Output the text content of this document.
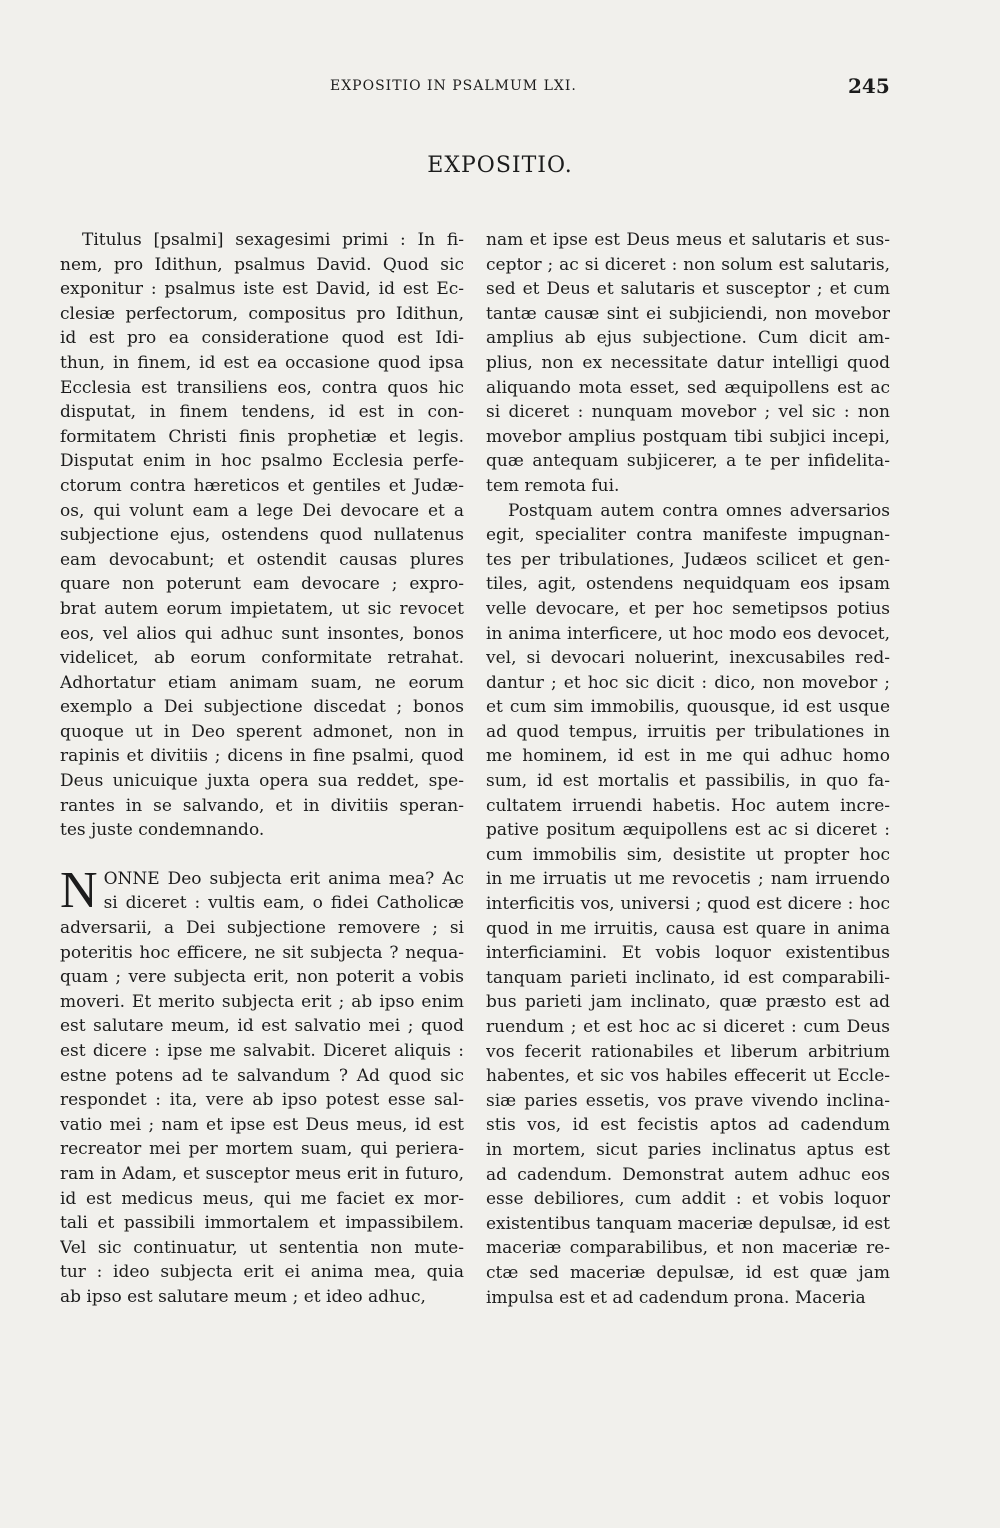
EXPOSITIO IN PSALMUM LXI.	245
EXPOSITIO.
Titulus [psalmi] sexagesimi primi : In fi-
nem, pro Idithun, psalmus David. Quod sic
exponitur : psalmus iste est David, id est Ec-
clesiæ perfectorum, compositus pro Idithun,
id est pro ea consideratione quod est Idi-
thun, in finem, id est ea occasione quod ipsa
Ecclesia est transiliens eos, contra quos hic
disputat, in finem tendens, id est in con-
formitatem Christi finis prophetiæ et legis.
Disputat enim in hoc psalmo Ecclesia perfe-
ctorum contra hæreticos et gentiles et Judæ-
os, qui volunt eam a lege Dei devocare et a
subjectione ejus, ostendens quod nullatenus
eam devocabunt; et ostendit causas plures
quare non poterunt eam devocare ; expro-
brat autem eorum impietatem, ut sic revocet
eos, vel alios qui adhuc sunt insontes, bonos
videlicet, ab eorum conformitate retrahat.
Adhortatur etiam animam suam, ne eorum
exemplo a Dei subjectione discedat ; bonos
quoque ut in Deo sperent admonet, non in
rapinis et divitiis ; dicens in fine psalmi, quod
Deus unicuique juxta opera sua reddet, spe-
rantes in se salvando, et in divitiis speran-
tes juste condemnando.
N ONNE Deo subjecta erit anima mea? Ac
si diceret : vultis eam, o fidei Catholicæ
adversarii, a Dei subjectione removere ; si
poteritis hoc efficere, ne sit subjecta ? nequa-
quam ; vere subjecta erit, non poterit a vobis
moveri. Et merito subjecta erit ; ab ipso enim
est salutare meum, id est salvatio mei ; quod
est dicere : ipse me salvabit. Diceret aliquis :
estne potens ad te salvandum ? Ad quod sic
respondet : ita, vere ab ipso potest esse sal-
vatio mei ; nam et ipse est Deus meus, id est
recreator mei per mortem suam, qui periera-
ram in Adam, et susceptor meus erit in futuro,
id est medicus meus, qui me faciet ex mor-
tali et passibili immortalem et impassibilem.
Vel sic continuatur, ut sententia non mute-
tur : ideo subjecta erit ei anima mea, quia
ab ipso est salutare meum ; et ideo adhuc,
nam et ipse est Deus meus et salutaris et sus-
ceptor ; ac si diceret : non solum est salutaris,
sed et Deus et salutaris et susceptor ; et cum
tantæ causæ sint ei subjiciendi, non movebor
amplius ab ejus subjectione. Cum dicit am-
plius, non ex necessitate datur intelligi quod
aliquando mota esset, sed æquipollens est ac
si diceret : nunquam movebor ; vel sic : non
movebor amplius postquam tibi subjici incepi,
quæ antequam subjicerer, a te per infidelita-
tem remota fui.
Postquam autem contra omnes adversarios
egit, specialiter contra manifeste impugnan-
tes per tribulationes, Judæos scilicet et gen-
tiles, agit, ostendens nequidquam eos ipsam
velle devocare, et per hoc semetipsos potius
in anima interficere, ut hoc modo eos devocet,
vel, si devocari noluerint, inexcusabiles red-
dantur ; et hoc sic dicit : dico, non movebor ;
et cum sim immobilis, quousque, id est usque
ad quod tempus, irruitis per tribulationes in
me hominem, id est in me qui adhuc homo
sum, id est mortalis et passibilis, in quo fa-
cultatem irruendi habetis. Hoc autem incre-
pative positum æquipollens est ac si diceret :
cum immobilis sim, desistite ut propter hoc
in me irruatis ut me revocetis ; nam irruendo
interficitis vos, universi ; quod est dicere : hoc
quod in me irruitis, causa est quare in anima
interficiamini. Et vobis loquor existentibus
tanquam parieti inclinato, id est comparabili-
bus parieti jam inclinato, quæ præsto est ad
ruendum ; et est hoc ac si diceret : cum Deus
vos fecerit rationabiles et liberum arbitrium
habentes, et sic vos habiles effecerit ut Eccle-
siæ paries essetis, vos prave vivendo inclina-
stis vos, id est fecistis aptos ad cadendum
in mortem, sicut paries inclinatus aptus est
ad cadendum. Demonstrat autem adhuc eos
esse debiliores, cum addit : et vobis loquor
existentibus tanquam maceriæ depulsæ, id est
maceriæ comparabilibus, et non maceriæ re-
ctæ sed maceriæ depulsæ, id est quæ jam
impulsa est et ad cadendum prona. Maceria
